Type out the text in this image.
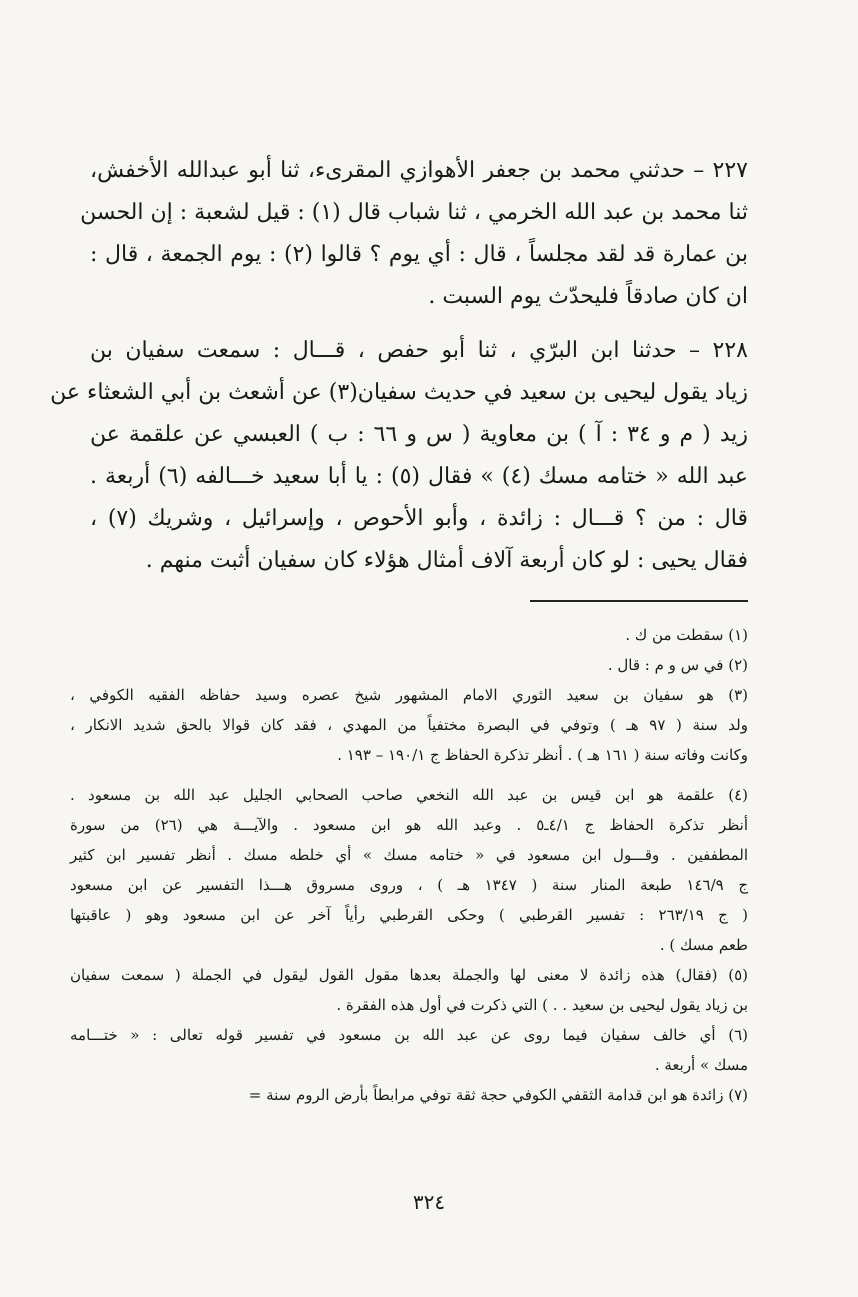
٢٢٧ – حدثني محمد بن جعفر الأهوازي المقرىء، ثنا أبو عبدالله الأخفش،
ثنا محمد بن عبد الله الخرمي ، ثنا شباب قال (١) : قيل لشعبة : إن الحسن
بن عمارة قد لقد مجلساً ، قال : أي يوم ؟ قالوا (٢) : يوم الجمعة ، قال :
ان كان صادقاً فليحدّث يوم السبت .
٢٢٨ – حدثنا ابن البرّي ، ثنا أبو حفص ، قـــال : سمعت سفيان بن
زياد يقول ليحيى بن سعيد في حديث سفيان(٣) عن أشعث بن أبي الشعثاء عن
زيد ( م و ٣٤ : آ ) بن معاوية ( س و ٦٦ : ب ) العبسي عن علقمة عن
عبد الله « ختامه مسك (٤) » فقال (٥) : يا أبا سعيد خـــالفه (٦) أربعة .
قال : من ؟ قـــال : زائدة ، وأبو الأحوص ، وإسرائيل ، وشريك (٧) ،
فقال يحيى : لو كان أربعة آلاف أمثال هؤلاء كان سفيان أثبت منهم .
(١) سقطت من ك .
(٢) في س و م : قال .
(٣) هو سفيان بن سعيد الثوري الامام المشهور شيخ عصره وسيد حفاظه الفقيه الكوفي ،
ولد سنة ( ٩٧ هـ ) وتوفي في البصرة مختفياً من المهدي ، فقد كان قوالا بالحق شديد الانكار ،
وكانت وفاته سنة ( ١٦١ هـ ) . أنظر تذكرة الحفاظ ج ١٩٠/١ – ١٩٣ .
(٤) علقمة هو ابن قيس بن عبد الله النخعي صاحب الصحابي الجليل عبد الله بن مسعود .
أنظر تذكرة الحفاظ ج ٤/١ـ٥ . وعبد الله هو ابن مسعود . والآيـــة هي (٢٦) من سورة
المطففين . وقـــول ابن مسعود في « ختامه مسك » أي خلطه مسك . أنظر تفسير ابن كثير
ج ١٤٦/٩ طبعة المنار سنة ( ١٣٤٧ هـ ) ، وروى مسروق هـــذا التفسير عن ابن مسعود
( ج ٢٦٣/١٩ : تفسير القرطبي ) وحكى القرطبي رأياً آخر عن ابن مسعود وهو ( عاقبتها
طعم مسك ) .
(٥) (فقال) هذه زائدة لا معنى لها والجملة بعدها مقول القول ليقول في الجملة ( سمعت سفيان
بن زياد يقول ليحيى بن سعيد . . ) التي ذكرت في أول هذه الفقرة .
(٦) أي خالف سفيان فيما روى عن عبد الله بن مسعود في تفسير قوله تعالى : « ختـــامه
مسك » أربعة .
(٧) زائدة هو ابن قدامة الثقفي الكوفي حجة ثقة توفي مرابطاً بأرض الروم سنة =
٣٢٤
